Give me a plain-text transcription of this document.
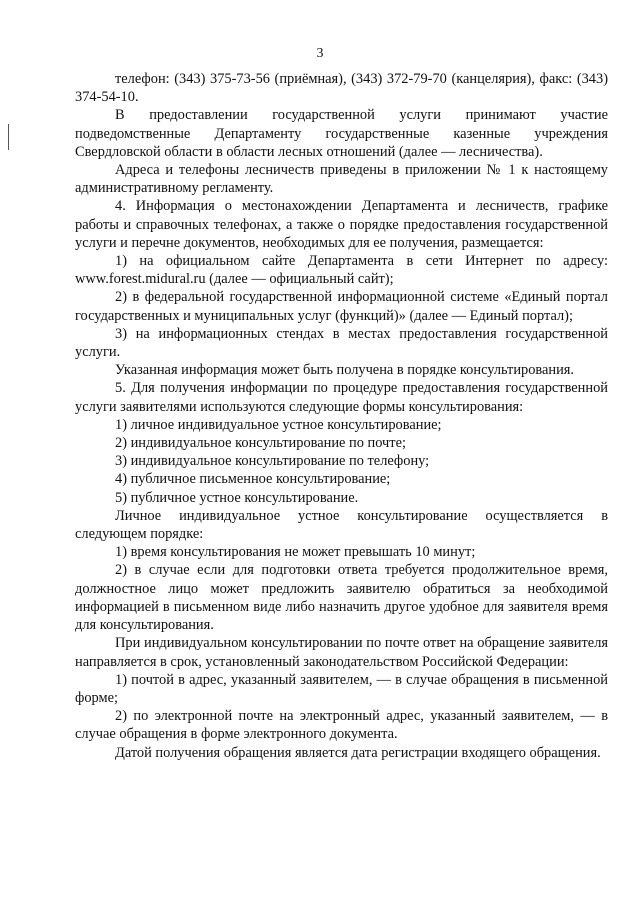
3

телефон: (343) 375-73-56 (приёмная), (343) 372-79-70 (канцелярия), факс: (343) 374-54-10.

В предоставлении государственной услуги принимают участие подведомственные Департаменту государственные казенные учреждения Свердловской области в области лесных отношений (далее — лесничества).

Адреса и телефоны лесничеств приведены в приложении № 1 к настоящему административному регламенту.

4. Информация о местонахождении Департамента и лесничеств, графике работы и справочных телефонах, а также о порядке предоставления государственной услуги и перечне документов, необходимых для ее получения, размещается:

1) на официальном сайте Департамента в сети Интернет по адресу: www.forest.midural.ru (далее — официальный сайт);

2) в федеральной государственной информационной системе «Единый портал государственных и муниципальных услуг (функций)» (далее — Единый портал);

3) на информационных стендах в местах предоставления государственной услуги.

Указанная информация может быть получена в порядке консультирования.

5. Для получения информации по процедуре предоставления государственной услуги заявителями используются следующие формы консультирования:

1) личное индивидуальное устное консультирование;

2) индивидуальное консультирование по почте;

3) индивидуальное консультирование по телефону;

4) публичное письменное консультирование;

5) публичное устное консультирование.

Личное индивидуальное устное консультирование осуществляется в следующем порядке:

1) время консультирования не может превышать 10 минут;

2) в случае если для подготовки ответа требуется продолжительное время, должностное лицо может предложить заявителю обратиться за необходимой информацией в письменном виде либо назначить другое удобное для заявителя время для консультирования.

При индивидуальном консультировании по почте ответ на обращение заявителя направляется в срок, установленный законодательством Российской Федерации:

1) почтой в адрес, указанный заявителем, — в случае обращения в письменной форме;

2) по электронной почте на электронный адрес, указанный заявителем, — в случае обращения в форме электронного документа.

Датой получения обращения является дата регистрации входящего обращения.
